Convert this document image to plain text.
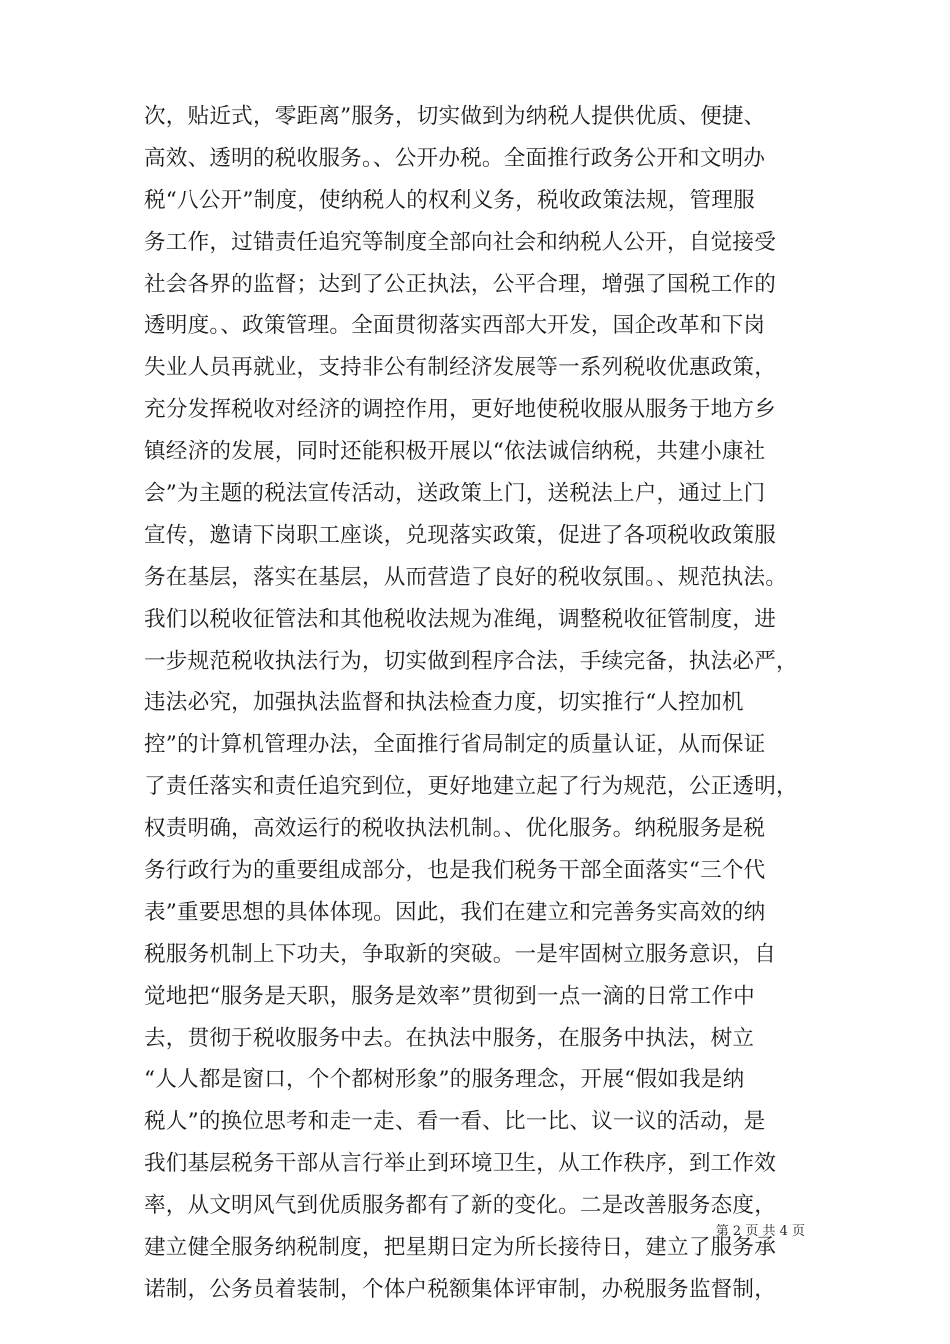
次，贴近式，零距离”服务，切实做到为纳税人提供优质、便捷、
高效、透明的税收服务。、公开办税。全面推行政务公开和文明办
税“八公开”制度，使纳税人的权利义务，税收政策法规，管理服
务工作，过错责任追究等制度全部向社会和纳税人公开，自觉接受
社会各界的监督；达到了公正执法，公平合理，增强了国税工作的
透明度。、政策管理。全面贯彻落实西部大开发，国企改革和下岗
失业人员再就业，支持非公有制经济发展等一系列税收优惠政策，
充分发挥税收对经济的调控作用，更好地使税收服从服务于地方乡
镇经济的发展，同时还能积极开展以“依法诚信纳税，共建小康社
会”为主题的税法宣传活动，送政策上门，送税法上户，通过上门
宣传，邀请下岗职工座谈，兑现落实政策，促进了各项税收政策服
务在基层，落实在基层，从而营造了良好的税收氛围。、规范执法。
我们以税收征管法和其他税收法规为准绳，调整税收征管制度，进
一步规范税收执法行为，切实做到程序合法，手续完备，执法必严，
违法必究，加强执法监督和执法检查力度，切实推行“人控加机
控”的计算机管理办法，全面推行省局制定的质量认证，从而保证
了责任落实和责任追究到位，更好地建立起了行为规范，公正透明，
权责明确，高效运行的税收执法机制。、优化服务。纳税服务是税
务行政行为的重要组成部分，也是我们税务干部全面落实“三个代
表”重要思想的具体体现。因此，我们在建立和完善务实高效的纳
税服务机制上下功夫，争取新的突破。一是牢固树立服务意识，自
觉地把“服务是天职，服务是效率”贯彻到一点一滴的日常工作中
去，贯彻于税收服务中去。在执法中服务，在服务中执法，树立
“人人都是窗口，个个都树形象”的服务理念，开展“假如我是纳
税人”的换位思考和走一走、看一看、比一比、议一议的活动，是
我们基层税务干部从言行举止到环境卫生，从工作秩序，到工作效
率，从文明风气到优质服务都有了新的变化。二是改善服务态度，
建立健全服务纳税制度，把星期日定为所长接待日，建立了服务承
诺制，公务员着装制，个体户税额集体评审制，办税服务监督制，
第 2 页 共 4 页
